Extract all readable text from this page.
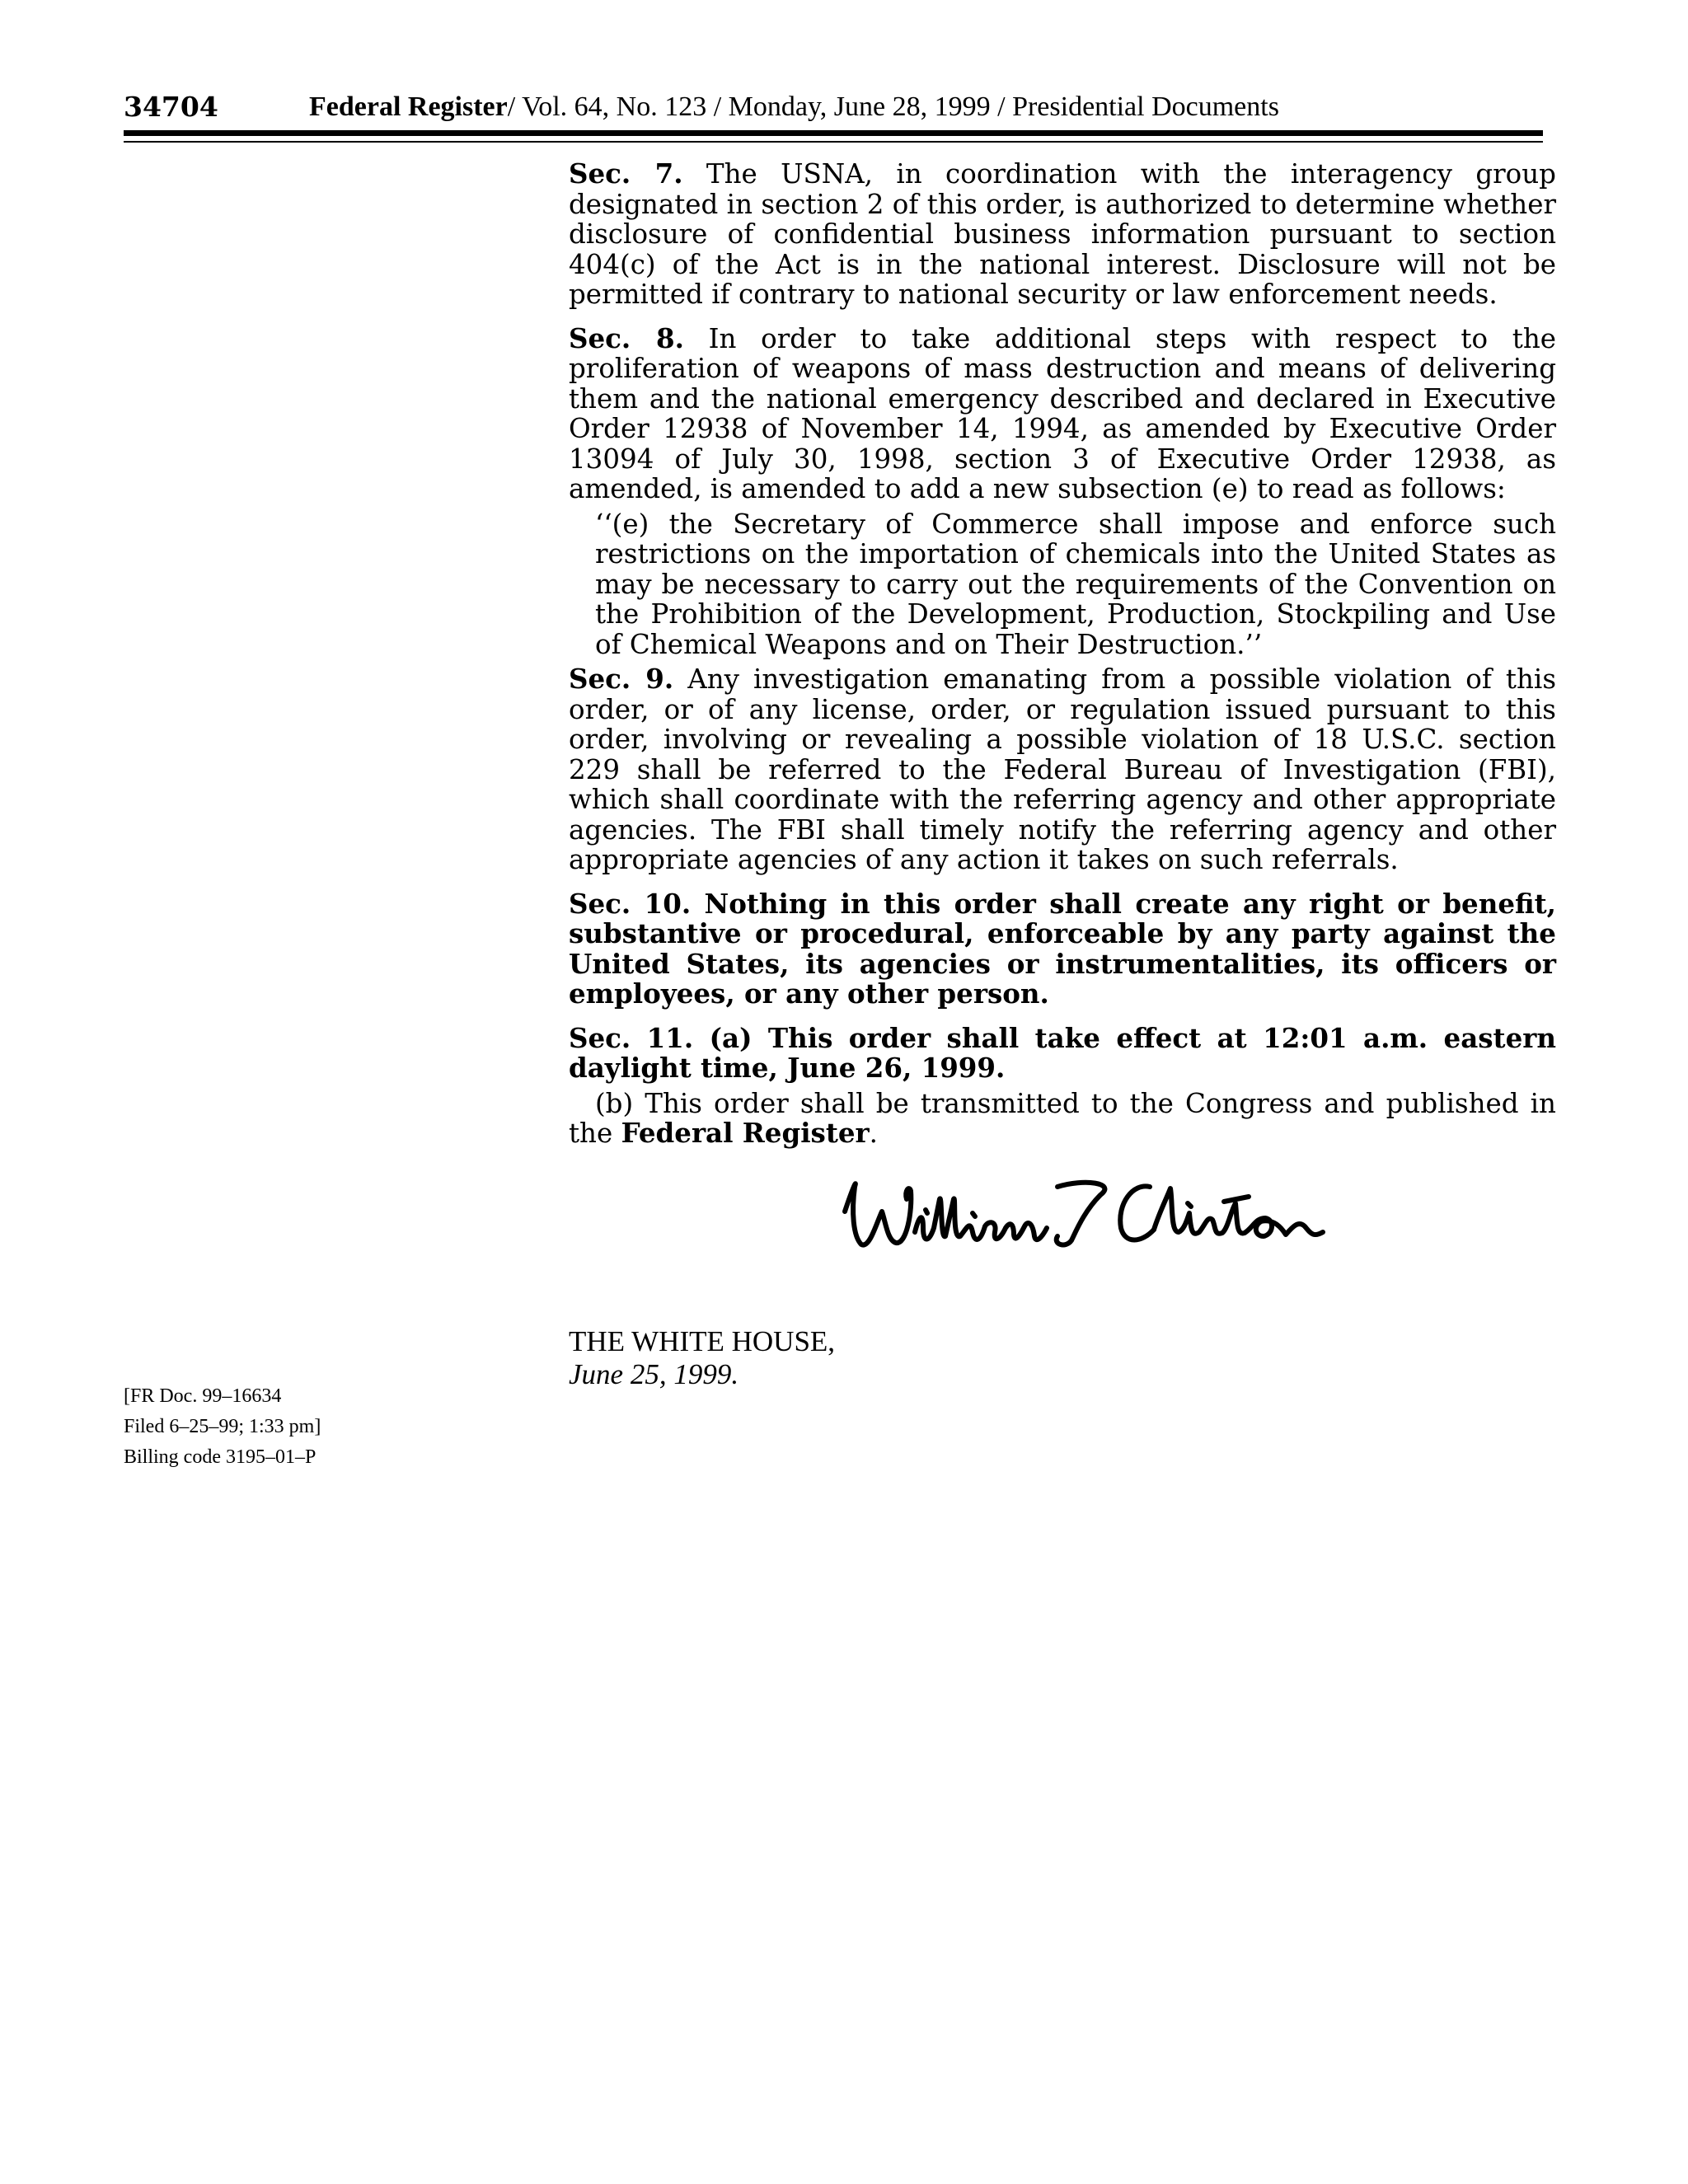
34704	Federal Register/ Vol. 64, No. 123 / Monday, June 28, 1999 / Presidential Documents

Sec. 7. The USNA, in coordination with the interagency group designated in section 2 of this order, is authorized to determine whether disclosure of confidential business information pursuant to section 404(c) of the Act is in the national interest. Disclosure will not be permitted if contrary to national security or law enforcement needs.

Sec. 8. In order to take additional steps with respect to the proliferation of weapons of mass destruction and means of delivering them and the national emergency described and declared in Executive Order 12938 of November 14, 1994, as amended by Executive Order 13094 of July 30, 1998, section 3 of Executive Order 12938, as amended, is amended to add a new subsection (e) to read as follows:

‘‘(e) the Secretary of Commerce shall impose and enforce such restrictions on the importation of chemicals into the United States as may be necessary to carry out the requirements of the Convention on the Prohibition of the Development, Production, Stockpiling and Use of Chemical Weapons and on Their Destruction.’’

Sec. 9. Any investigation emanating from a possible violation of this order, or of any license, order, or regulation issued pursuant to this order, involving or revealing a possible violation of 18 U.S.C. section 229 shall be referred to the Federal Bureau of Investigation (FBI), which shall coordinate with the referring agency and other appropriate agencies. The FBI shall timely notify the referring agency and other appropriate agencies of any action it takes on such referrals.

Sec. 10. Nothing in this order shall create any right or benefit, substantive or procedural, enforceable by any party against the United States, its agencies or instrumentalities, its officers or employees, or any other person.

Sec. 11. (a) This order shall take effect at 12:01 a.m. eastern daylight time, June 26, 1999.

(b) This order shall be transmitted to the Congress and published in the Federal Register.

THE WHITE HOUSE,
June 25, 1999.
[FR Doc. 99–16634
Filed 6–25–99; 1:33 pm]
Billing code 3195–01–P
